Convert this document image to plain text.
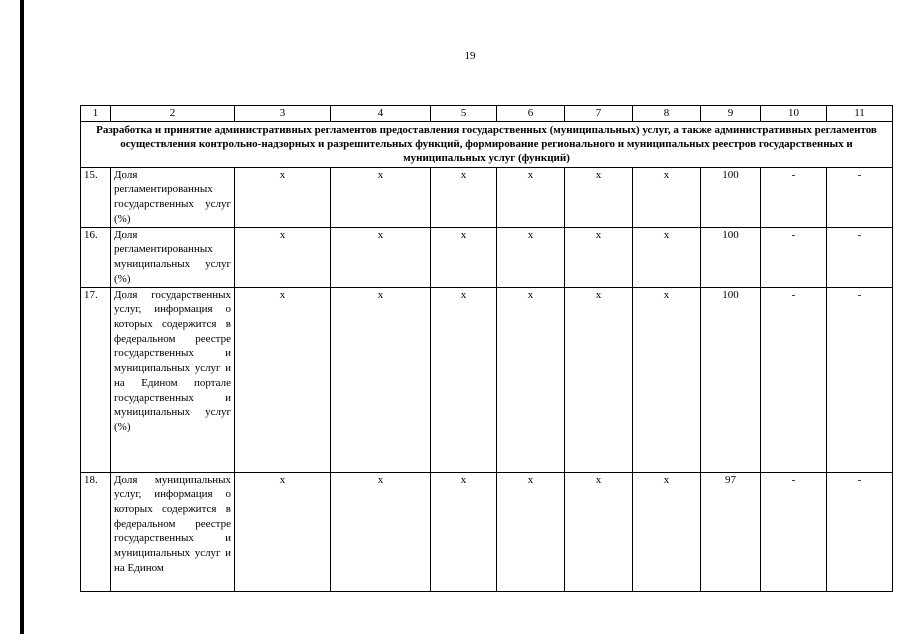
19
1	2	3	4	5	6	7	8	9	10	11
Разработка и принятие административных регламентов предоставления государственных (муниципальных) услуг, а также административных регламентов осуществления контрольно-надзорных и разрешительных функций, формирование регионального и муниципальных реестров государственных и муниципальных услуг (функций)										
15.	Доля регламентированных государственных услуг (%)	х	х	х	х	х	х	100	-	-
16.	Доля регламентированных муниципальных услуг (%)	х	х	х	х	х	х	100	-	-
17.	Доля государственных услуг, информация о которых содержится в федеральном реестре государственных и муниципальных услуг и на Едином портале государственных и муниципальных услуг (%)	х	х	х	х	х	х	100	-	-
18.	Доля муниципальных услуг, информация о которых содержится в федеральном реестре государственных и муниципальных услуг и на Едином	х	х	х	х	х	х	97	-	-
